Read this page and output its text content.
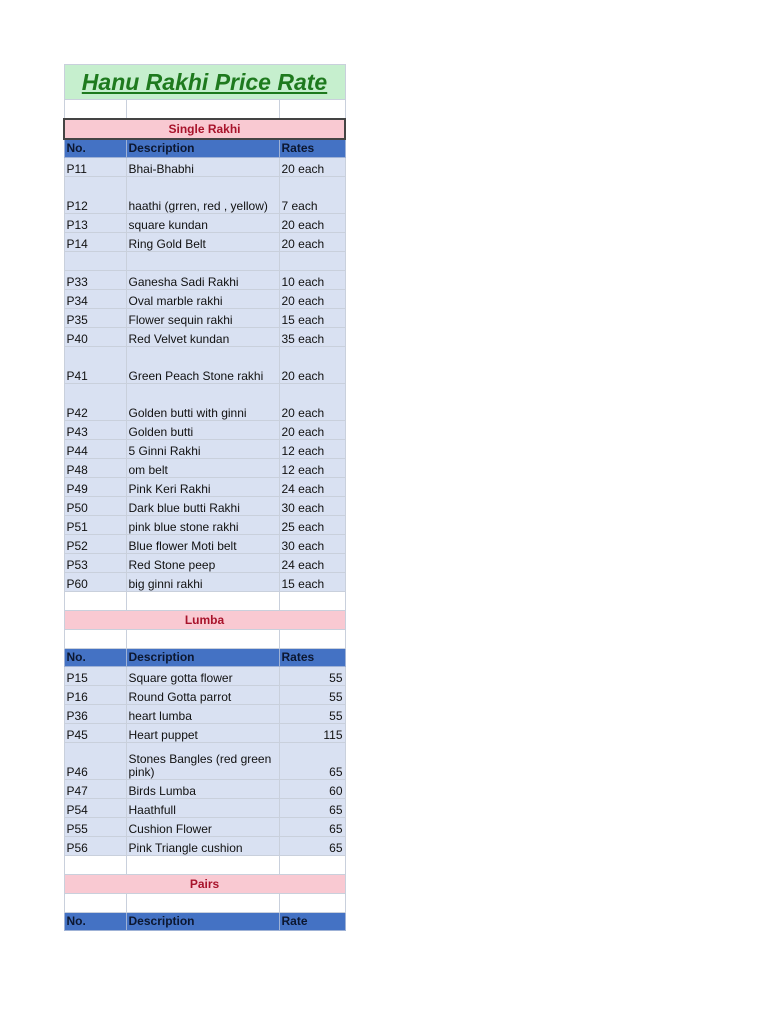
Hanu Rakhi Price Rate		

Single Rakhi		
No.	Description	Rates
P11	Bhai-Bhabhi	20 each
P12	haathi (grren, red , yellow)	7 each
P13	square kundan	20 each
P14	Ring Gold Belt	20 each

P33	Ganesha Sadi Rakhi	10 each
P34	Oval marble rakhi	20 each
P35	Flower sequin rakhi	15 each
P40	Red Velvet kundan	35 each
P41	Green Peach Stone rakhi	20 each
P42	Golden butti with ginni	20 each
P43	Golden butti	20 each
P44	5 Ginni Rakhi	12 each
P48	om belt	12 each
P49	Pink Keri Rakhi	24 each
P50	Dark blue butti Rakhi	30 each
P51	pink blue stone rakhi	25 each
P52	Blue flower Moti belt	30 each
P53	Red Stone peep	24 each
P60	big ginni rakhi	15 each

Lumba		

No.	Description	Rates
P15	Square gotta flower	55
P16	Round Gotta parrot	55
P36	heart lumba	55
P45	Heart puppet	115
P46	Stones Bangles (red green pink)	65
P47	Birds Lumba	60
P54	Haathfull	65
P55	Cushion Flower	65
P56	Pink Triangle cushion	65

Pairs		

No.	Description	Rate
